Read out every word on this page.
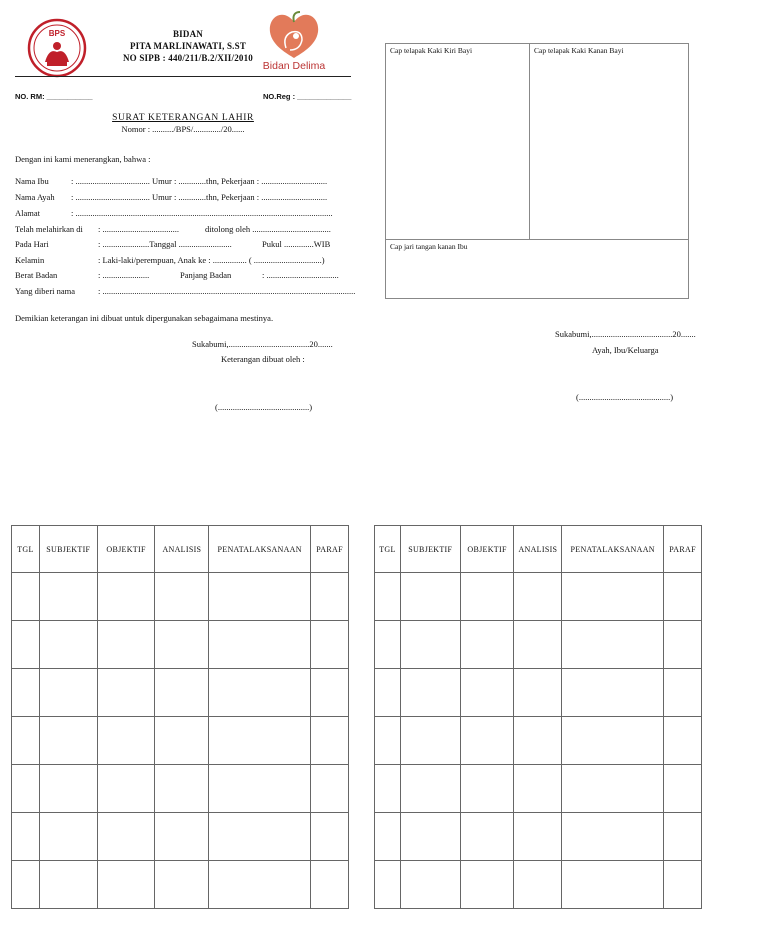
BPS
Bidan Delima
BIDAN
PITA MARLINAWATI, S.ST
NO SIPB : 440/211/B.2/XII/2010
NO. RM: ___________	NO.Reg : _____________
SURAT KETERANGAN LAHIR
Nomor : ........../BPS/............./20......
Dengan ini kami menerangkan, bahwa :
Nama Ibu	: ................................... Umur : .............thn, Pekerjaan : ...............................
Nama Ayah : ................................... Umur : .............thn, Pekerjaan : ...............................
Alamat	: .........................................................................................................................
Telah melahirkan di : ....................................	ditolong oleh .....................................
Pada Hari	: ......................Tanggal .........................	Pukul ..............WIB
Kelamin	: Laki-laki/perempuan, Anak ke : ................ ( ................................)
Berat Badan	: ......................	Panjang Badan	: ..................................
Yang diberi nama	: .......................................................................................................................
Demikian keterangan ini dibuat untuk dipergunakan sebagaimana mestinya.
Sukabumi,......................................20.......
Keterangan dibuat oleh :
(...........................................)
Cap telapak Kaki Kiri Bayi	Cap telapak Kaki Kanan Bayi
Cap jari tangan kanan Ibu
Sukabumi,......................................20.......
Ayah, Ibu/Keluarga
(...........................................)
TGL	SUBJEKTIF	OBJEKTIF	ANALISIS	PENATALAKSANAAN	PARAF

						TGL	SUBJEKTIF	OBJEKTIF	ANALISIS	PENATALAKSANAAN	PARAF
